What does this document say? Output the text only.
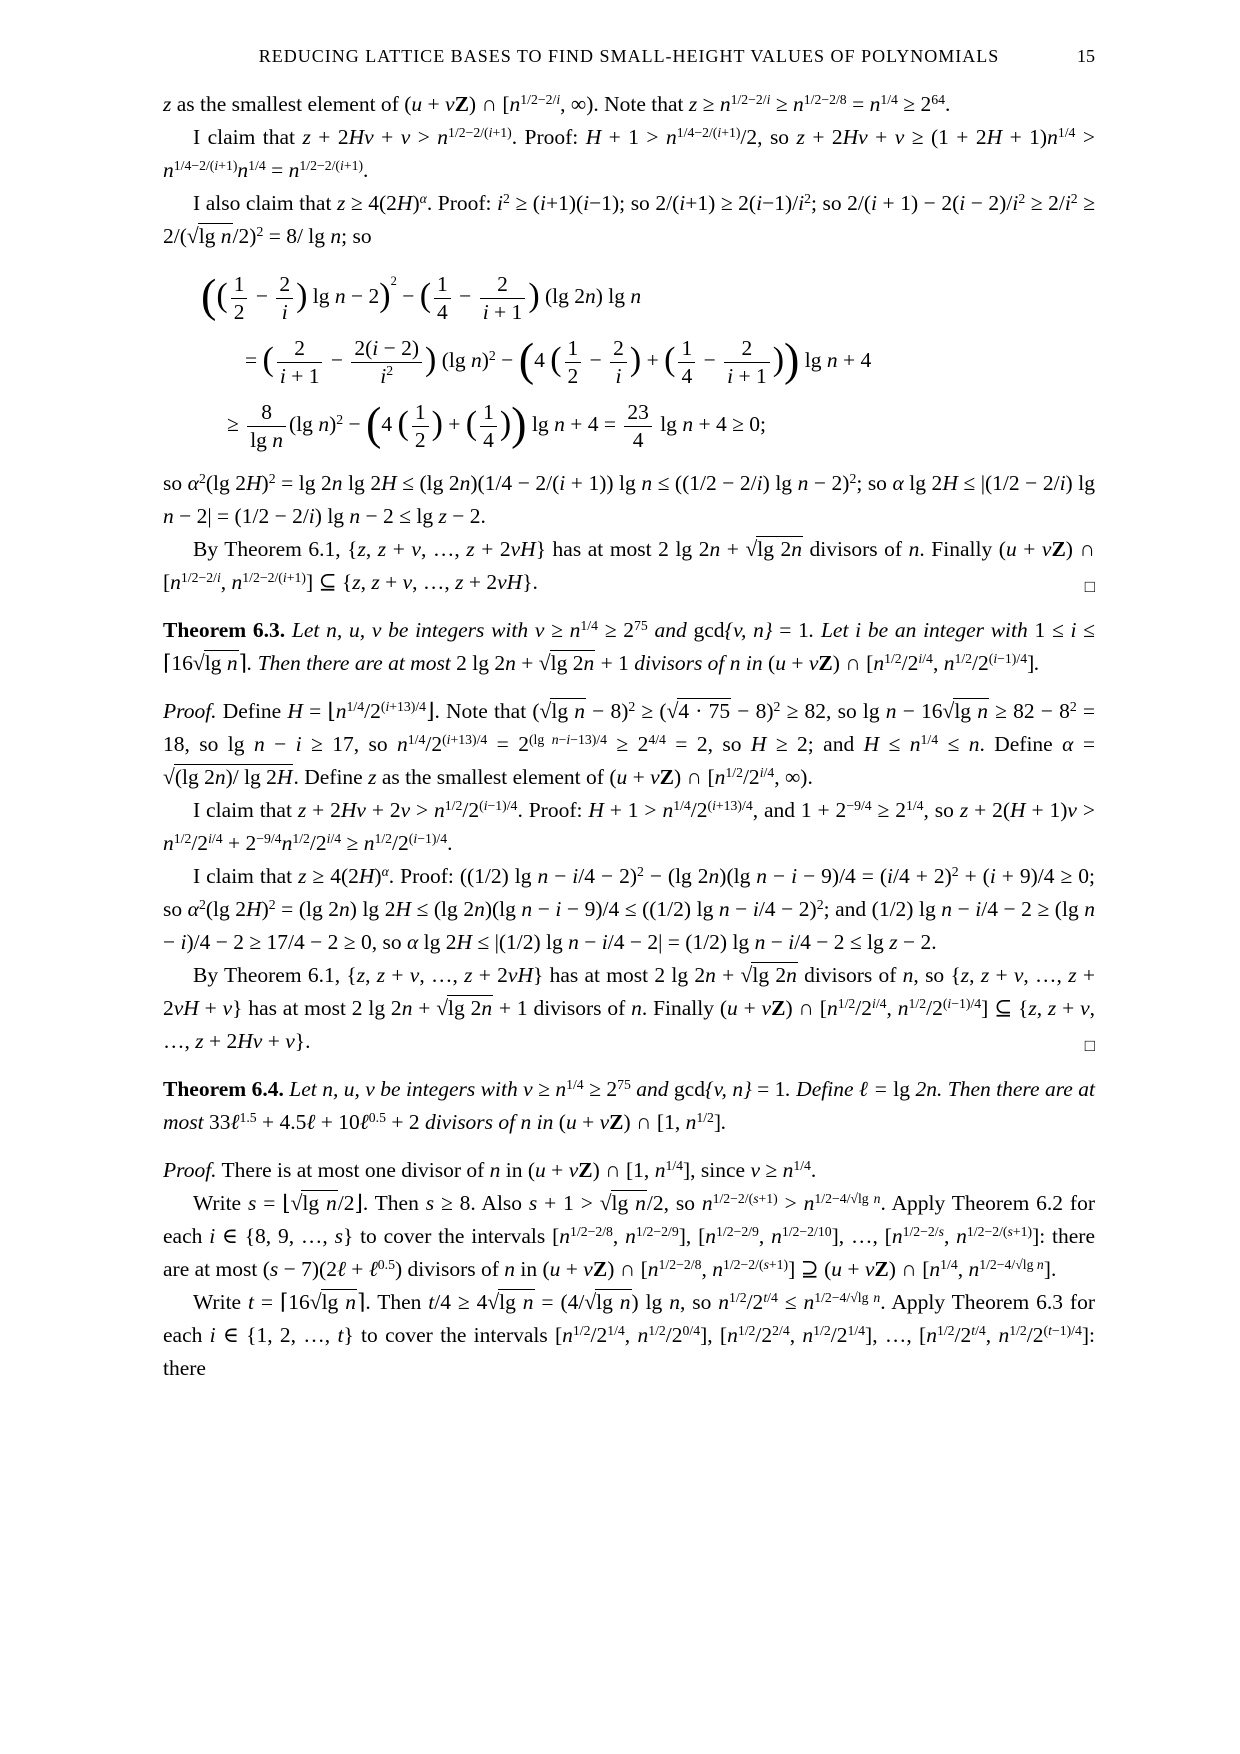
REDUCING LATTICE BASES TO FIND SMALL-HEIGHT VALUES OF POLYNOMIALS	15

z as the smallest element of (u + vZ) ∩ [$n^{1/2-2/i}$, ∞). Note that $z \ge n^{1/2-2/i} \ge n^{1/2-2/8} = n^{1/4} \ge 2^{64}$.

I claim that $z + 2Hv + v > n^{1/2-2/(i+1)}$. Proof: $H + 1 > n^{1/4-2/(i+1)}/2$, so $z + 2Hv + v \ge (1 + 2H + 1)n^{1/4} > n^{1/4-2/(i+1)}n^{1/4} = n^{1/2-2/(i+1)}$.

I also claim that $z \ge 4(2H)^\alpha$. Proof: $i^2 \ge (i+1)(i-1)$; so $2/(i+1) \ge 2(i-1)/i^2$; so $2/(i + 1) - 2(i - 2)/i^2 \ge 2/i^2 \ge 2/(√\lg$ n/2)$^2$ = 8/ lg n; so

(( $\frac{1}{2} - \frac{2}{i}$ ) lg n − 2)$^2$ − ( $\frac{1}{4} - \frac{2}{i + 1}$ ) (lg 2n) lg n
= ( $\frac{2}{i + 1} - \frac{2(i - 2)}{i^2}$ ) (lg n)$^2$ − (4 ( $\frac{1}{2} - \frac{2}{i}$ ) + ( $\frac{1}{4} - \frac{2}{i + 1}$ )) lg n + 4
≥ $\frac{8}{\text{lg n}} (\lg$ n)$^2$ − (4 ( $\frac{1}{2}$ ) + ( $\frac{1}{4}$ )) $\lg n + 4 = \frac{23}{4}$ lg n + 4 ≥ 0;

so $\alpha^2(\lg$ 2H)$^2$ = lg 2n lg 2H ≤ (lg 2n)(1/4 − 2/(i + 1)) lg n ≤ ((1/2 − 2/i) lg n − 2)$^2$; so α lg 2H ≤ |(1/2 − 2/i) lg n − 2| = (1/2 − 2/i) lg n − 2 ≤ lg z − 2.

By Theorem 6.1, {z, z + v, …, z + 2vH} has at most 2 lg 2n + √lg 2n divisors of n. Finally (u + vZ) ∩ [$n^{1/2-2/i}$, $n^{1/2-2/(i+1)}$] ⊆ {z, z + v, …, z + 2vH}.	□

Theorem 6.3. Let n, u, v be integers with $v \ge n^{1/4} \ge 2^{75}$ and gcd{v, n} = 1. Let i be an integer with 1 ≤ i ≤ ⌈16√lg n⌉. Then there are at most 2 lg 2n + √lg 2n + 1 divisors of n in (u + vZ) ∩ [$n^{1/2}/2^{i/4}$, $n^{1/2}/2^{(i-1)/4}$].

Proof. Define $H = ⌊n^{1/4}/2^{(i+13)/4}⌋$. Note that (√lg $n - 8)^2 \ge (√4 \cdot 75 - 8)^2 \ge 82$, so lg n − 16√lg $n \ge 82 - 8^2 = 18$, so lg n − i ≥ 17, so $n^{1/4}/2^{(i+13)/4} = 2^{(lg n-i-13)/4} \ge 2^{4/4} = 2$, so H ≥ 2; and $H \le n^{1/4} \le n$. Define α = √(lg 2n)/ lg 2H. Define z as the smallest element of (u + vZ) ∩ [$n^{1/2}/2^{i/4}$, ∞).

I claim that $z + 2Hv + 2v > n^{1/2}/2^{(i-1)/4}$. Proof: $H + 1 > n^{1/4}/2^{(i+13)/4}$, and $1 + 2^{-9/4} \ge 2^{1/4}$, so $z + 2(H + 1)v > n^{1/2}/2^{i/4} + 2^{-9/4}n^{1/2}/2^{i/4} \ge n^{1/2}/2^{(i-1)/4}$.

I claim that $z \ge 4(2H)^\alpha$. Proof: ((1/2) lg n − i/4 − 2)$^2$ − (lg 2n)(lg $n - i - 9)/4 = (i/4 + 2)^2 + (i + 9)/4 \ge 0$; so $\alpha^2(\lg$ 2H)$^2$ = (lg 2n) lg 2H ≤ (lg 2n)(lg n − i − 9)/4 ≤ ((1/2) lg n − i/4 − 2)$^2$; and (1/2) lg n − i/4 − 2 ≥ (lg n − i)/4 − 2 ≥ 17/4 − 2 ≥ 0, so α lg 2H ≤ |(1/2) lg n − i/4 − 2| = (1/2) lg n − i/4 − 2 ≤ lg z − 2.

By Theorem 6.1, {z, z + v, …, z + 2vH} has at most 2 lg 2n + √lg 2n divisors of n, so {z, z + v, …, z + 2vH + v} has at most 2 lg 2n + √lg 2n + 1 divisors of n. Finally (u + vZ) ∩ [$n^{1/2}/2^{i/4}$, $n^{1/2}/2^{(i-1)/4}$] ⊆ {z, z + v, …, z + 2Hv + v}.	□

Theorem 6.4. Let n, u, v be integers with $v \ge n^{1/4} \ge 2^{75}$ and gcd{v, n} = 1. Define ℓ = lg 2n. Then there are at most 33ℓ$^{1.5}$ + 4.5ℓ + 10ℓ$^{0.5}$ + 2 divisors of n in (u + vZ) ∩ [1, $n^{1/2}$].

Proof. There is at most one divisor of n in (u + vZ) ∩ [1, $n^{1/4}$], since $v \ge n^{1/4}$.

Write s = ⌊√lg n/2⌋. Then s ≥ 8. Also s + 1 > √lg n/2, so $n^{1/2-2/(s+1)} > n^{1/2-4/√lg n}$. Apply Theorem 6.2 for each i ∈ {8, 9, …, s} to cover the intervals [$n^{1/2-2/8}$, $n^{1/2-2/9}$], [$n^{1/2-2/9}$, $n^{1/2-2/10}$], …, [$n^{1/2-2/s}$, $n^{1/2-2/(s+1)}$]: there are at most (s − 7)(2ℓ + ℓ$^{0.5}$) divisors of n in (u + vZ) ∩ [$n^{1/2-2/8}$, $n^{1/2-2/(s+1)}$] ⊇ (u + vZ) ∩ [$n^{1/4}$, $n^{1/2-4/√lg n}$].

Write t = ⌈16√lg n⌉. Then t/4 ≥ 4√lg n = (4/√lg n) lg n, so $n^{1/2}/2^{t/4} \le n^{1/2-4/√lg n}$. Apply Theorem 6.3 for each i ∈ {1, 2, …, t} to cover the intervals [$n^{1/2}/2^{1/4}$, $n^{1/2}/2^{0/4}$], [$n^{1/2}/2^{2/4}$, $n^{1/2}/2^{1/4}$], …, [$n^{1/2}/2^{t/4}$, $n^{1/2}/2^{(t-1)/4}$]: there
